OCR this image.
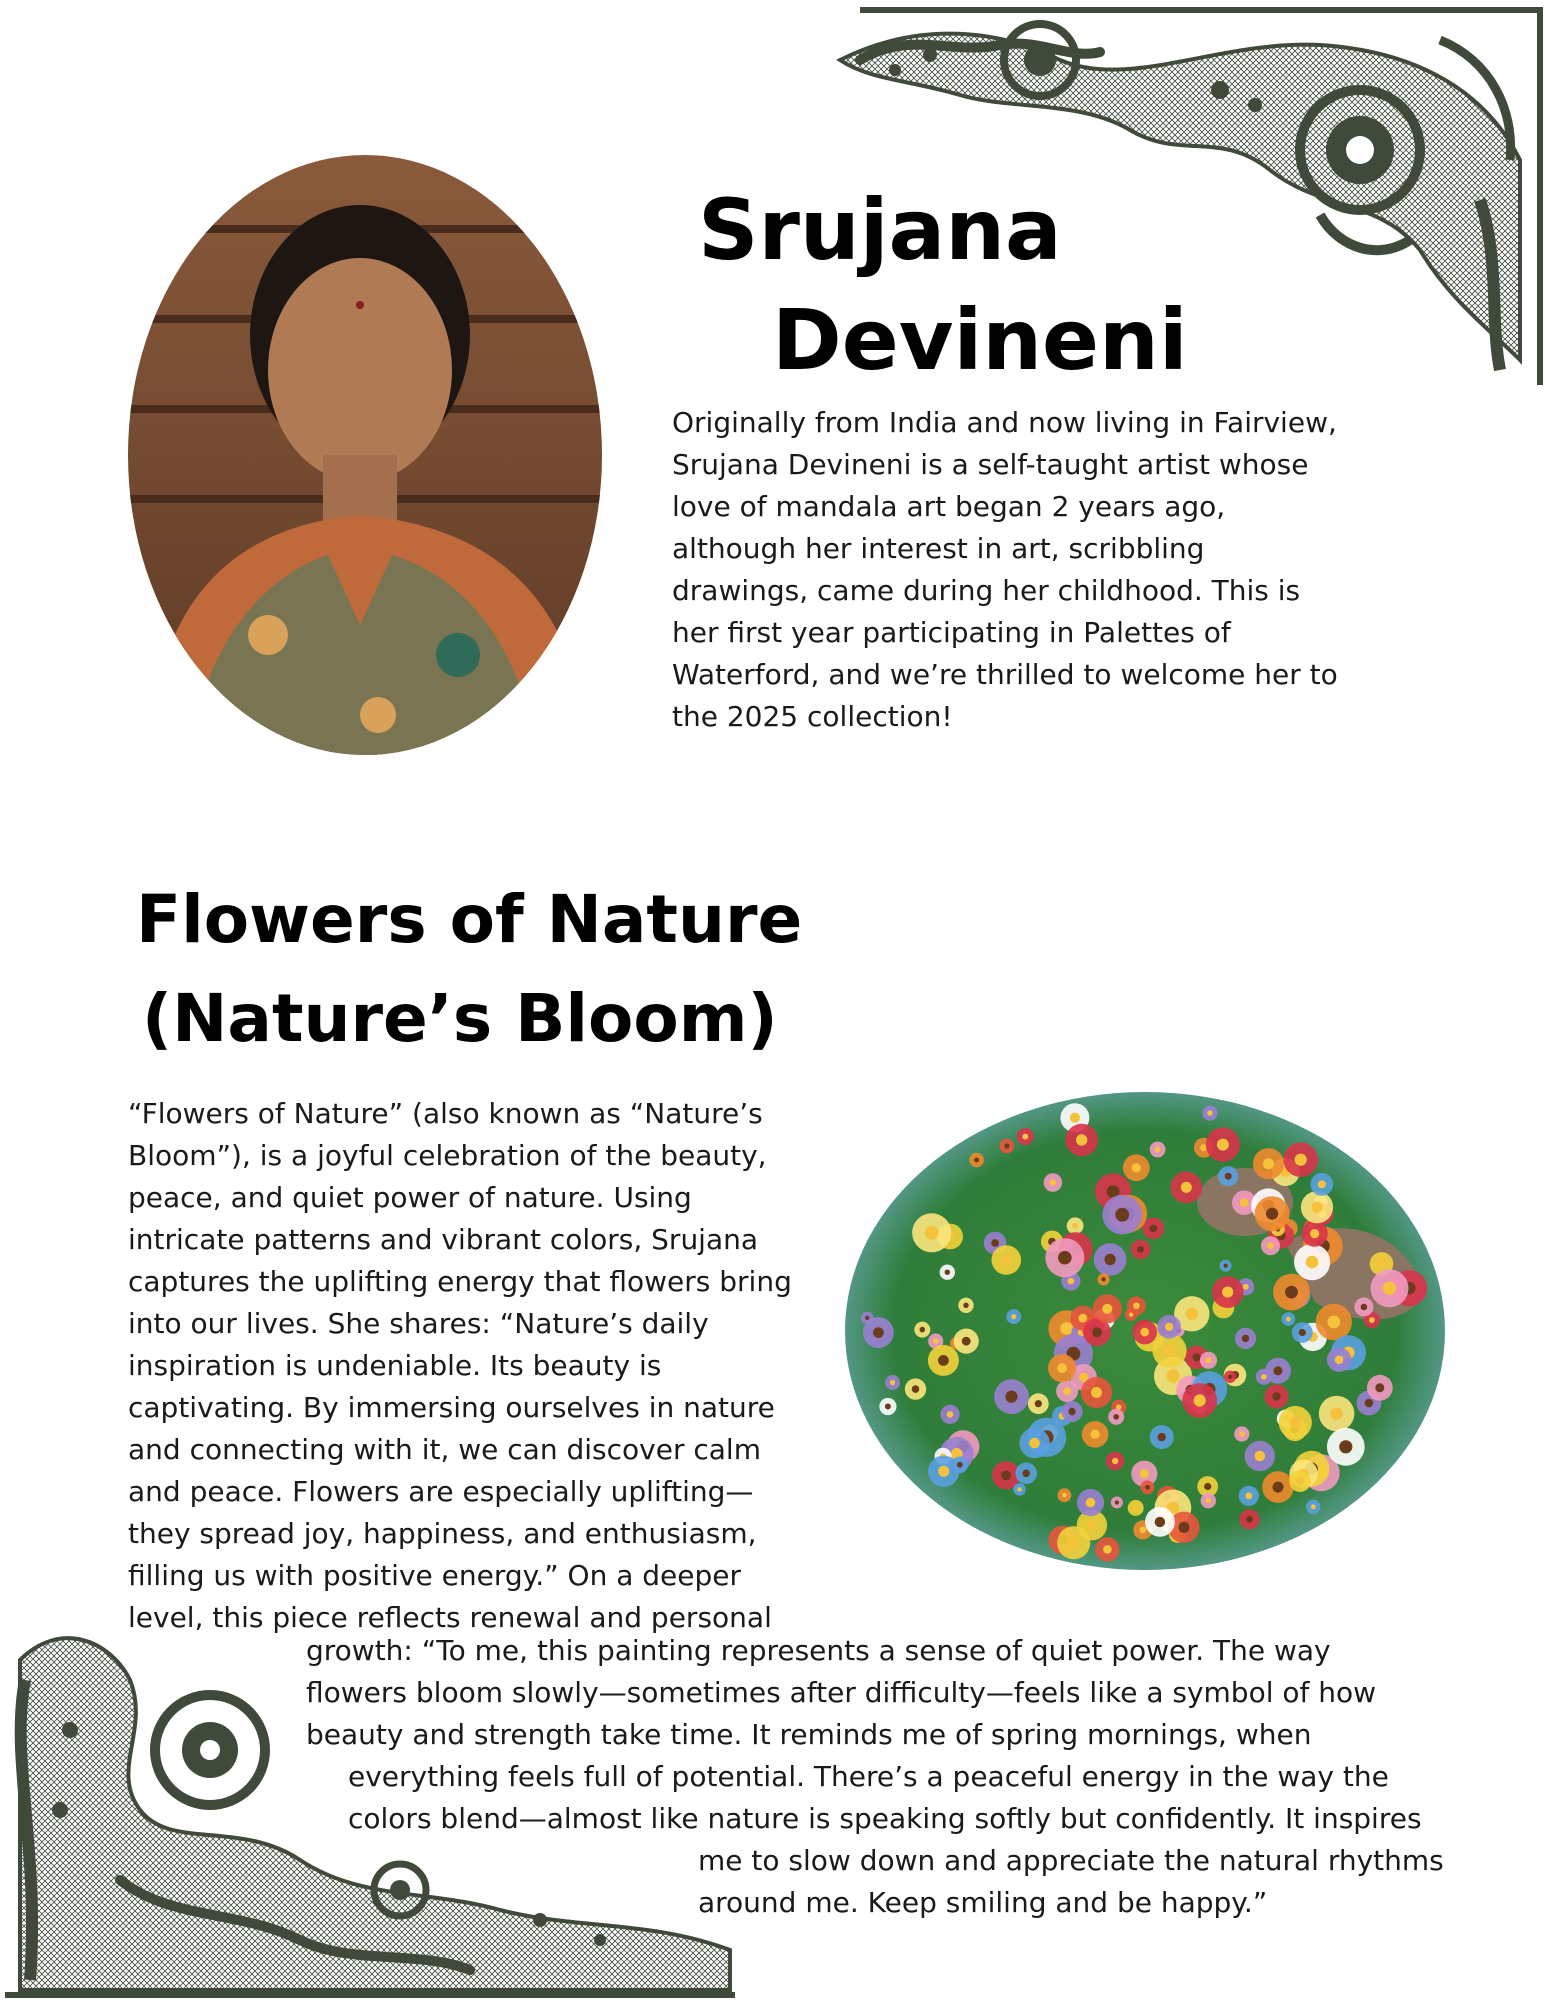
Srujana
Devineni
Originally from India and now living in Fairview,
Srujana Devineni is a self-taught artist whose
love of mandala art began 2 years ago,
although her interest in art, scribbling
drawings, came during her childhood. This is
her first year participating in Palettes of
Waterford, and we’re thrilled to welcome her to
the 2025 collection!
Flowers of Nature
(Nature’s Bloom)
“Flowers of Nature” (also known as “Nature’s
Bloom”), is a joyful celebration of the beauty,
peace, and quiet power of nature. Using
intricate patterns and vibrant colors, Srujana
captures the uplifting energy that flowers bring
into our lives. She shares: “Nature’s daily
inspiration is undeniable. Its beauty is
captivating. By immersing ourselves in nature
and connecting with it, we can discover calm
and peace. Flowers are especially uplifting—
they spread joy, happiness, and enthusiasm,
filling us with positive energy.” On a deeper
level, this piece reflects renewal and personal
growth: “To me, this painting represents a sense of quiet power. The way
flowers bloom slowly—sometimes after difficulty—feels like a symbol of how
beauty and strength take time. It reminds me of spring mornings, when
everything feels full of potential. There’s a peaceful energy in the way the
colors blend—almost like nature is speaking softly but confidently. It inspires
me to slow down and appreciate the natural rhythms
around me. Keep smiling and be happy.”
